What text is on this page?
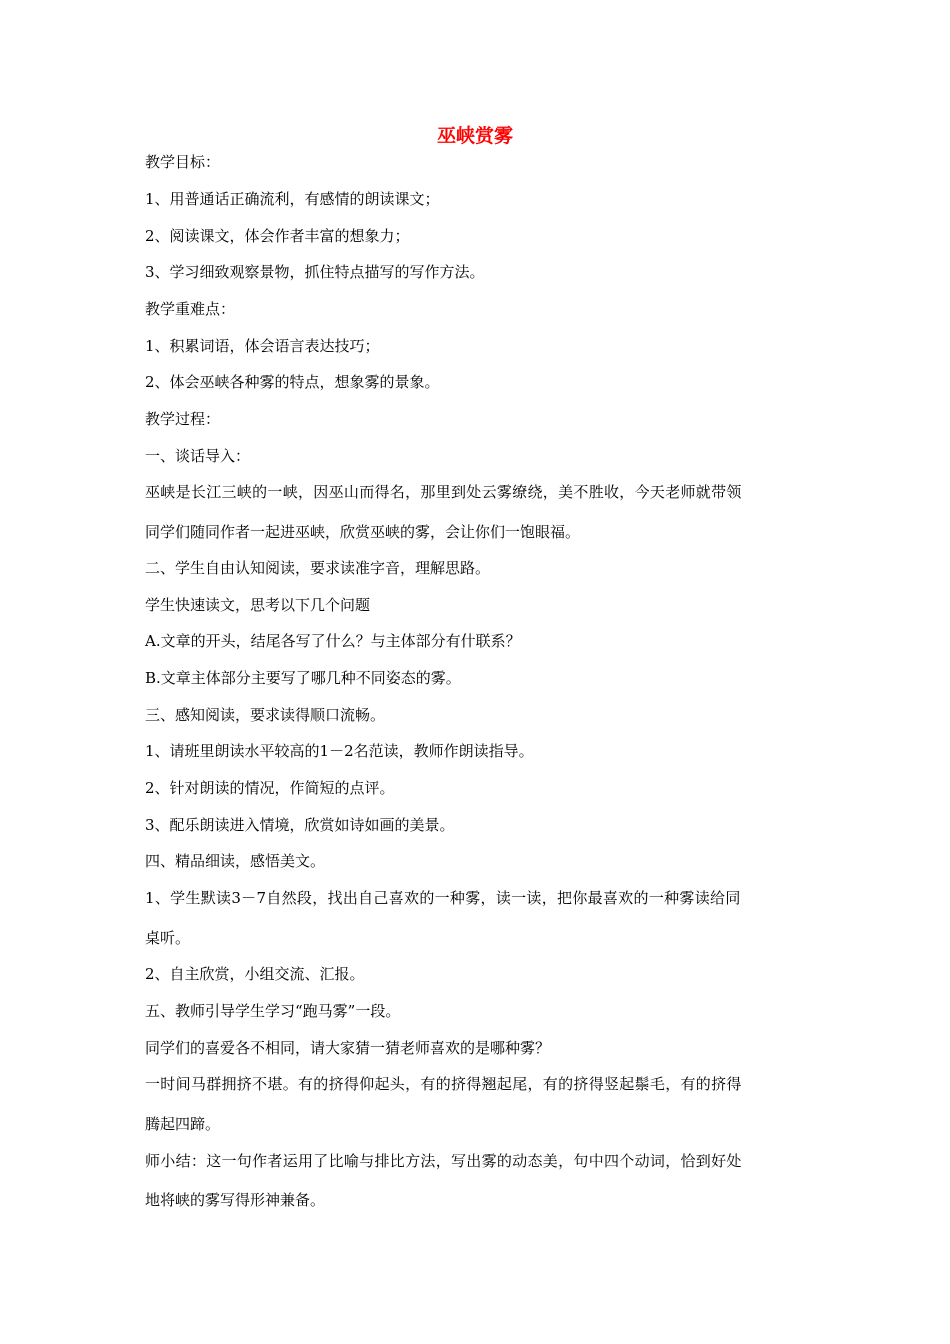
巫峡赏雾
教学目标：
1、用普通话正确流利，有感情的朗读课文；
2、阅读课文，体会作者丰富的想象力；
3、学习细致观察景物，抓住特点描写的写作方法。
教学重难点：
1、积累词语，体会语言表达技巧；
2、体会巫峡各种雾的特点，想象雾的景象。
教学过程：
一、谈话导入：
巫峡是长江三峡的一峡，因巫山而得名，那里到处云雾缭绕，美不胜收，今天老师就带领
同学们随同作者一起进巫峡，欣赏巫峡的雾，会让你们一饱眼福。
二、学生自由认知阅读，要求读准字音，理解思路。
学生快速读文，思考以下几个问题
A.文章的开头，结尾各写了什么？与主体部分有什联系？
B.文章主体部分主要写了哪几种不同姿态的雾。
三、感知阅读，要求读得顺口流畅。
1、请班里朗读水平较高的1－2名范读，教师作朗读指导。
2、针对朗读的情况，作简短的点评。
3、配乐朗读进入情境，欣赏如诗如画的美景。
四、精品细读，感悟美文。
1、学生默读3－7自然段，找出自己喜欢的一种雾，读一读，把你最喜欢的一种雾读给同
桌听。
2、自主欣赏，小组交流、汇报。
五、教师引导学生学习“跑马雾”一段。
同学们的喜爱各不相同，请大家猜一猜老师喜欢的是哪种雾？
一时间马群拥挤不堪。有的挤得仰起头，有的挤得翘起尾，有的挤得竖起鬃毛，有的挤得
腾起四蹄。
师小结：这一句作者运用了比喻与排比方法，写出雾的动态美，句中四个动词，恰到好处
地将峡的雾写得形神兼备。
